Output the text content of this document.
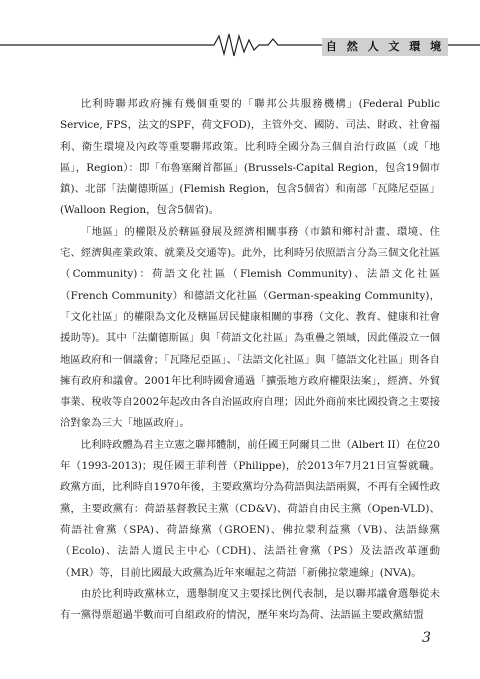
自 然 人 文 環 境

比利時聯邦政府擁有幾個重要的「聯邦公共服務機構」(Federal Public Service, FPS，法文的SPF，荷文FOD)，主管外交、國防、司法、財政、社會福利、衛生環境及內政等重要聯邦政策。比利時全國分為三個自治行政區（或「地區」，Region）：即「布魯塞爾首都區」(Brussels-Capital Region，包含19個市鎮)、北部「法蘭德斯區」(Flemish Region，包含5個省）和南部「瓦隆尼亞區」(Walloon Region，包含5個省)。

「地區」的權限及於轄區發展及經濟相關事務（市鎮和鄉村計畫、環境、住宅、經濟與產業政策、就業及交通等)。此外，比利時另依照語言分為三個文化社區（Community)：荷語文化社區（Flemish Community)、法語文化社區（French Community）和德語文化社區（German-speaking Community)，「文化社區」的權限為文化及轄區居民健康相關的事務（文化、教育、健康和社會援助等)。其中「法蘭德斯區」與「荷語文化社區」為重疊之領域，因此僅設立一個地區政府和一個議會；「瓦隆尼亞區」、「法語文化社區」與「德語文化社區」則各自擁有政府和議會。2001年比利時國會通過「擴張地方政府權限法案」，經濟、外貿事業、稅收等自2002年起改由各自治區政府自理；因此外商前來比國投資之主要接洽對象為三大「地區政府」。

比利時政體為君主立憲之聯邦體制，前任國王阿爾貝二世（Albert II）在位20年（1993-2013)；現任國王菲利普（Philippe)，於2013年7月21日宣誓就職。政黨方面，比利時自1970年後，主要政黨均分為荷語與法語兩翼，不再有全國性政黨，主要政黨有：荷語基督教民主黨（CD&V)、荷語自由民主黨（Open-VLD)、荷語社會黨（SPA)、荷語綠黨（GROEN)、佛拉蒙利益黨（VB)、法語綠黨（Ecolo)、法語人道民主中心（CDH)、法語社會黨（PS）及法語改革運動（MR）等，目前比國最大政黨為近年來崛起之荷語「新佛拉蒙連線」(NVA)。

由於比利時政黨林立，選舉制度又主要採比例代表制，是以聯邦議會選舉從未有一黨得票超過半數而可自組政府的情況，歷年來均為荷、法語區主要政黨結盟

3
